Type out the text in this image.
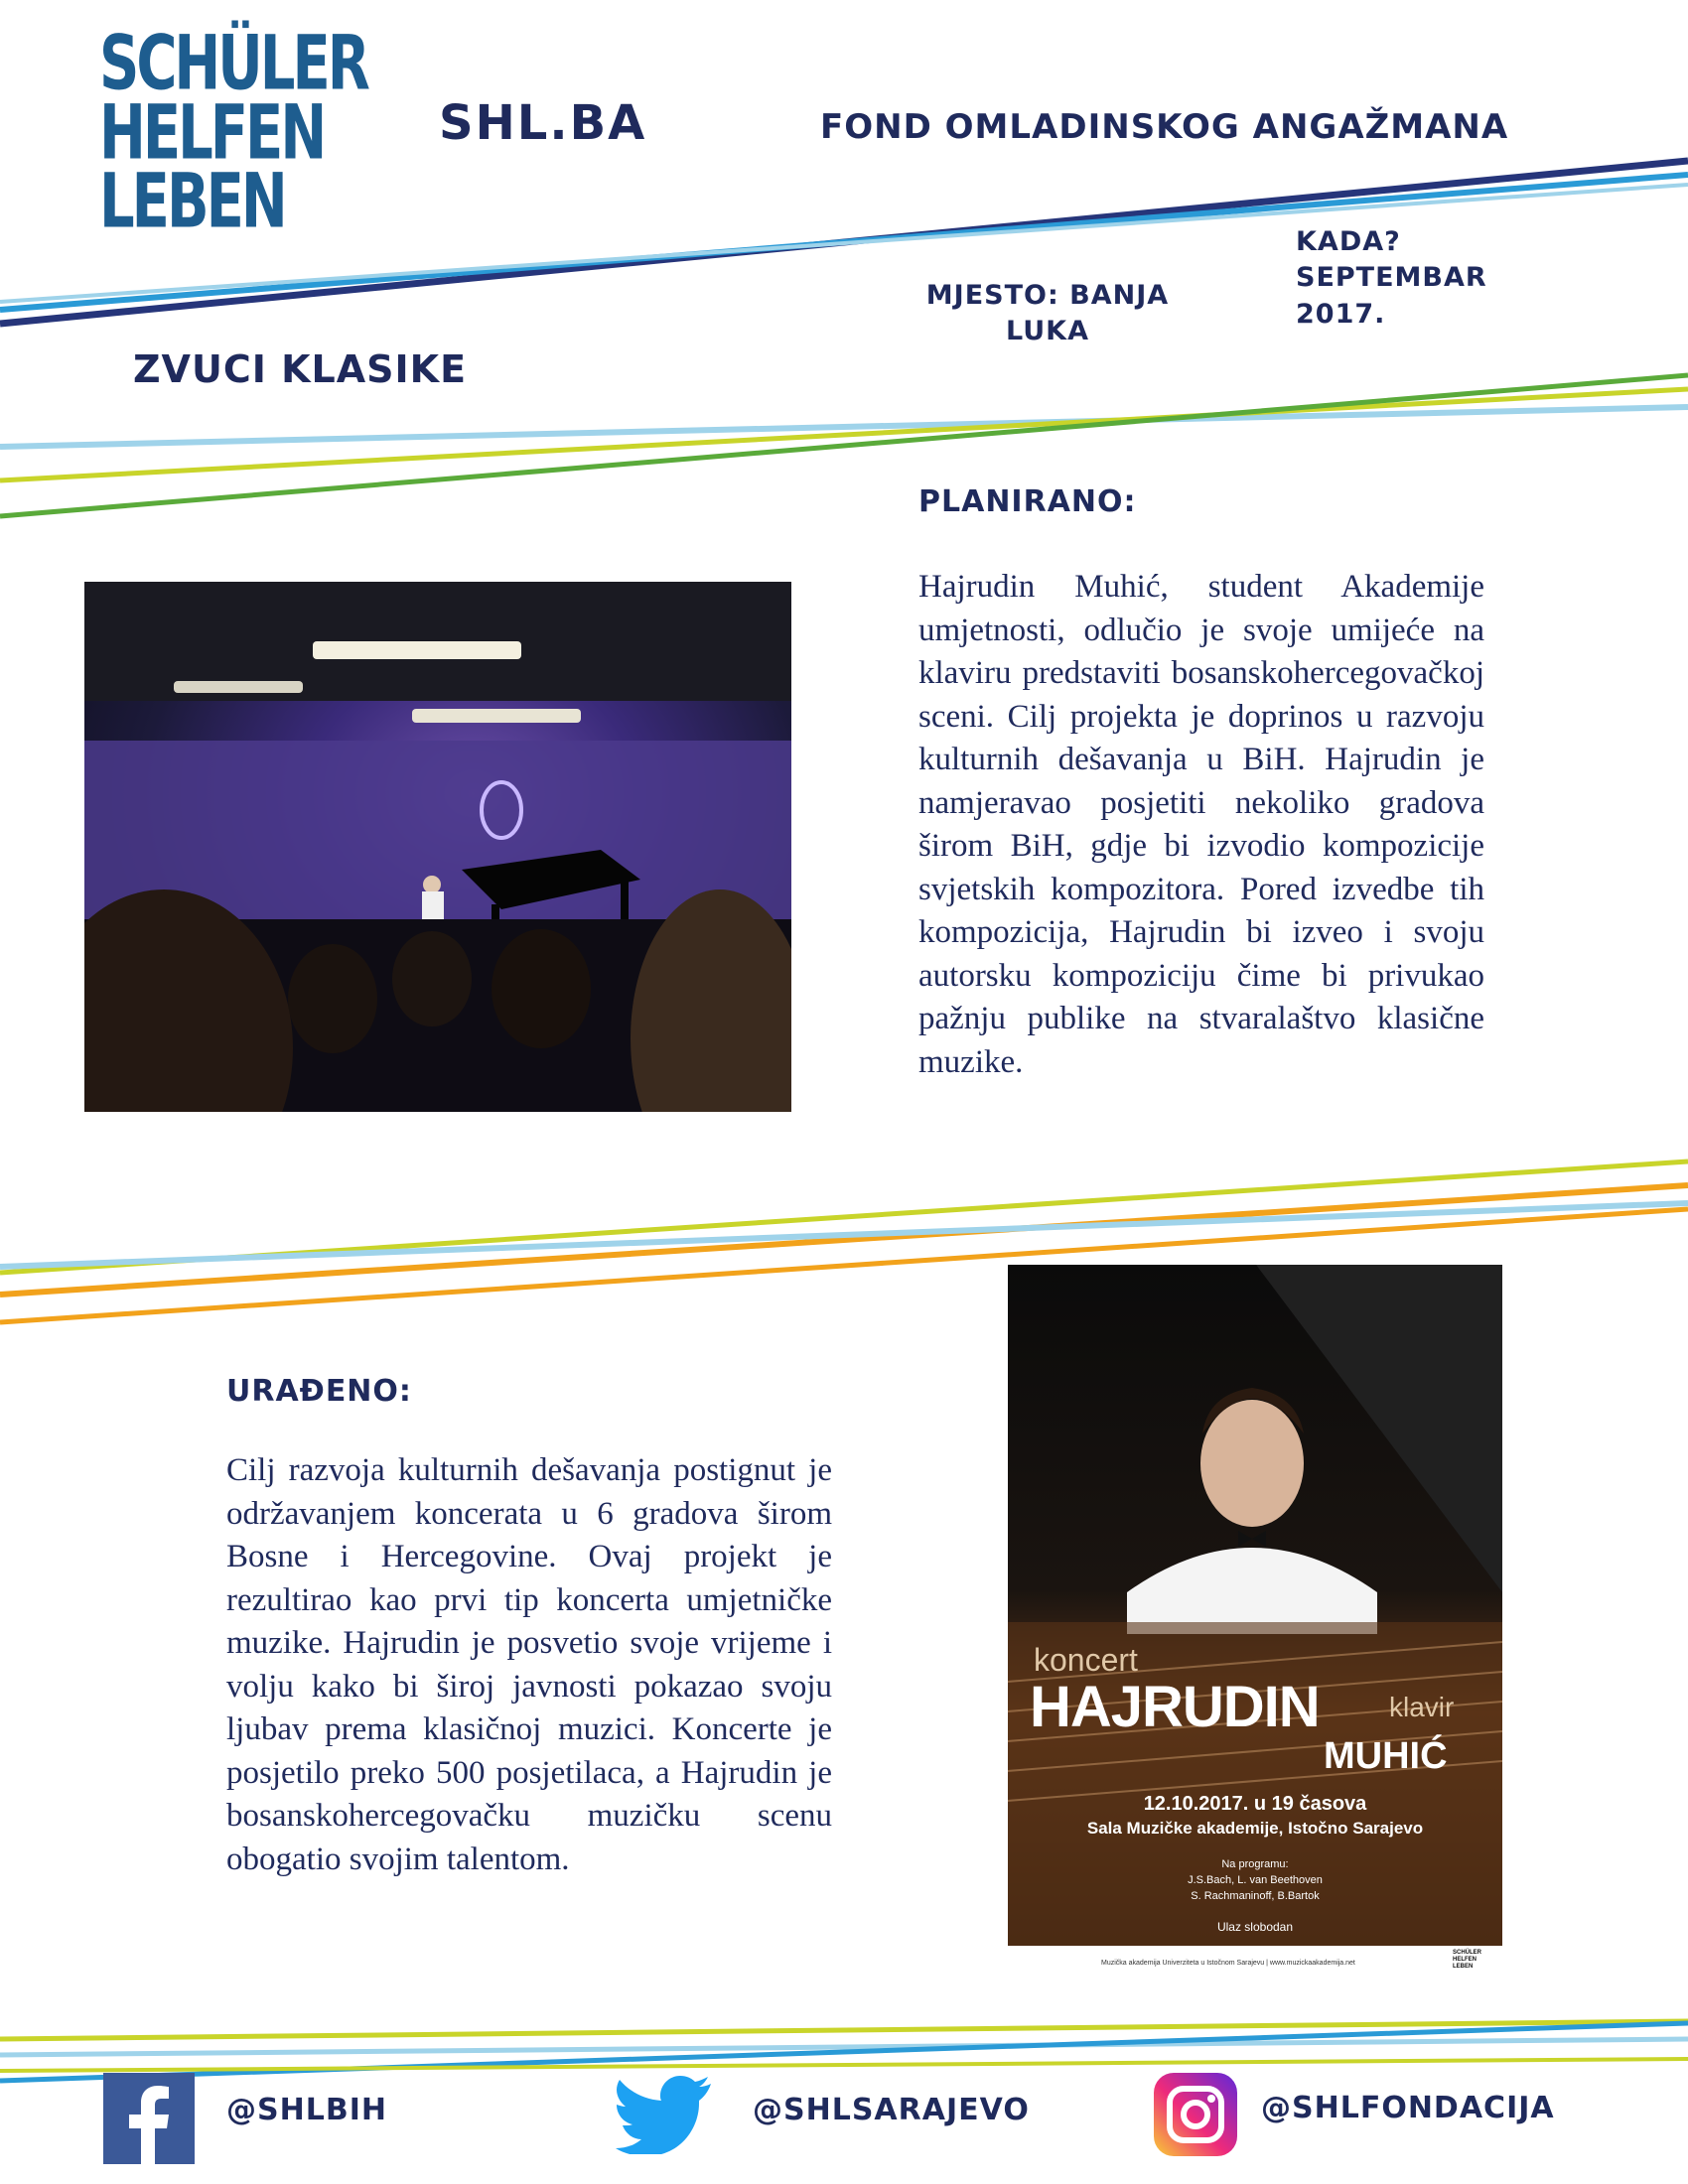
SCHÜLER
HELFEN
LEBEN
SHL.BA	FOND OMLADINSKOG ANGAŽMANA
MJESTO: BANJA LUKA
KADA?
SEPTEMBAR 2017.
ZVUCI KLASIKE
PLANIRANO:
Hajrudin Muhić, student Akademije umjetnosti, odlučio je svoje umijeće na klaviru predstaviti bosanskohercegovačkoj sceni. Cilj projekta je doprinos u razvoju kulturnih dešavanja u BiH. Hajrudin je namjeravao posjetiti nekoliko gradova širom BiH, gdje bi izvodio kompozicije svjetskih kompozitora. Pored izvedbe tih kompozicija, Hajrudin bi izveo i svoju autorsku kompoziciju čime bi privukao pažnju publike na stvaralaštvo klasične muzike.
URAĐENO:
Cilj razvoja kulturnih dešavanja postignut je održavanjem koncerata u 6 gradova širom Bosne i Hercegovine. Ovaj projekt je rezultirao kao prvi tip koncerta umjetničke muzike. Hajrudin je posvetio svoje vrijeme i volju kako bi široj javnosti pokazao svoju ljubav prema klasičnoj muzici. Koncerte je posjetilo preko 500 posjetilaca, a Hajrudin je bosanskohercegovačku muzičku scenu obogatio svojim talentom.
koncert
HAJRUDIN	klavir
MUHIĆ
12.10.2017. u 19 časova
Sala Muzičke akademije, Istočno Sarajevo
Na programu:
J.S.Bach, L. van Beethoven
S. Rachmaninoff, B.Bartok
Ulaz slobodan
Muzička akademija Univerziteta u Istočnom Sarajevu | www.muzickaakademija.net
SCHÜLER HELFEN LEBEN
@SHLBIH	@SHLSARAJEVO	@SHLFONDACIJA
